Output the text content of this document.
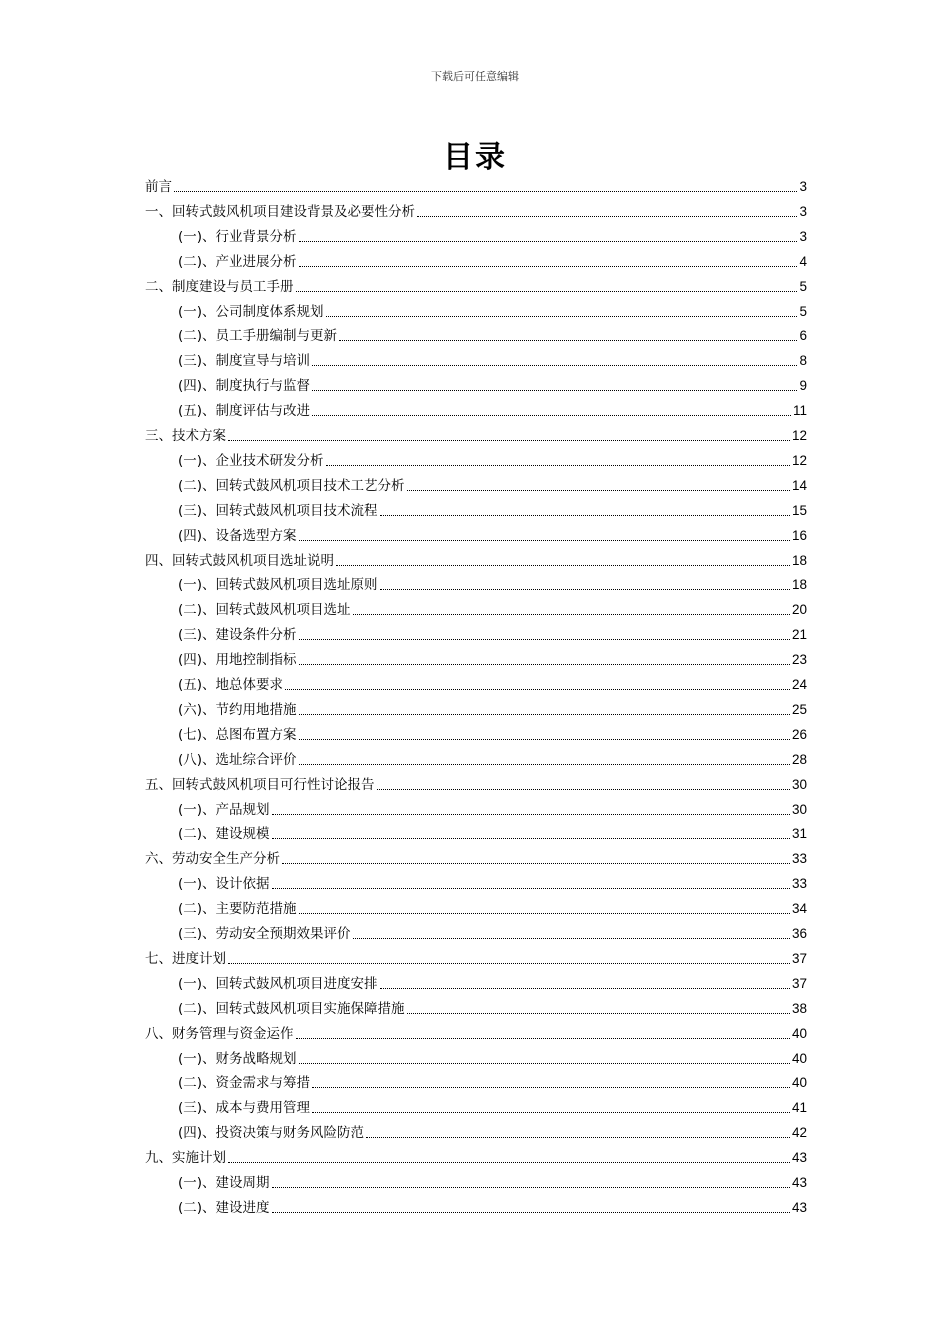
下载后可任意编辑
目录
前言	3
一、回转式鼓风机项目建设背景及必要性分析	3
(一)、行业背景分析	3
(二)、产业进展分析	4
二、制度建设与员工手册	5
(一)、公司制度体系规划	5
(二)、员工手册编制与更新	6
(三)、制度宣导与培训	8
(四)、制度执行与监督	9
(五)、制度评估与改进	11
三、技术方案	12
(一)、企业技术研发分析	12
(二)、回转式鼓风机项目技术工艺分析	14
(三)、回转式鼓风机项目技术流程	15
(四)、设备选型方案	16
四、回转式鼓风机项目选址说明	18
(一)、回转式鼓风机项目选址原则	18
(二)、回转式鼓风机项目选址	20
(三)、建设条件分析	21
(四)、用地控制指标	23
(五)、地总体要求	24
(六)、节约用地措施	25
(七)、总图布置方案	26
(八)、选址综合评价	28
五、回转式鼓风机项目可行性讨论报告	30
(一)、产品规划	30
(二)、建设规模	31
六、劳动安全生产分析	33
(一)、设计依据	33
(二)、主要防范措施	34
(三)、劳动安全预期效果评价	36
七、进度计划	37
(一)、回转式鼓风机项目进度安排	37
(二)、回转式鼓风机项目实施保障措施	38
八、财务管理与资金运作	40
(一)、财务战略规划	40
(二)、资金需求与筹措	40
(三)、成本与费用管理	41
(四)、投资决策与财务风险防范	42
九、实施计划	43
(一)、建设周期	43
(二)、建设进度	43
